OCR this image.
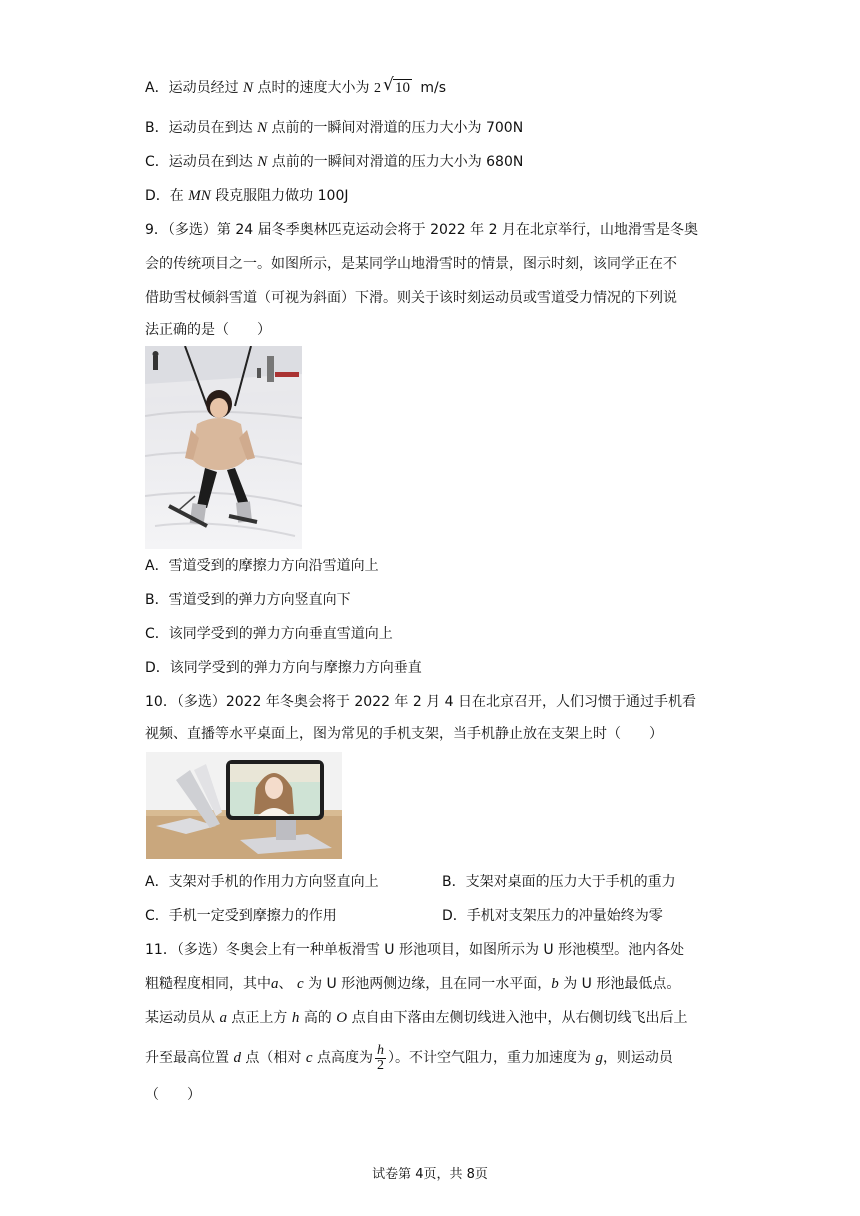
A．运动员经过 N 点时的速度大小为 2 √ 10 m/s
B．运动员在到达 N 点前的一瞬间对滑道的压力大小为 700N
C．运动员在到达 N 点前的一瞬间对滑道的压力大小为 680N
D．在 MN 段克服阻力做功 100J
9．（多选）第 24 届冬季奥林匹克运动会将于 2022 年 2 月在北京举行，山地滑雪是冬奥
会的传统项目之一。如图所示，是某同学山地滑雪时的情景，图示时刻，该同学正在不
借助雪杖倾斜雪道（可视为斜面）下滑。则关于该时刻运动员或雪道受力情况的下列说
法正确的是（　　）
A．雪道受到的摩擦力方向沿雪道向上
B．雪道受到的弹力方向竖直向下
C．该同学受到的弹力方向垂直雪道向上
D．该同学受到的弹力方向与摩擦力方向垂直
10．（多选）2022 年冬奥会将于 2022 年 2 月 4 日在北京召开，人们习惯于通过手机看
视频、直播等水平桌面上，图为常见的手机支架，当手机静止放在支架上时（　　）
A．支架对手机的作用力方向竖直向上	B．支架对桌面的压力大于手机的重力
C．手机一定受到摩擦力的作用	D．手机对支架压力的冲量始终为零
11．（多选）冬奥会上有一种单板滑雪 U 形池项目，如图所示为 U 形池模型。池内各处
粗糙程度相同，其中a、 c 为 U 形池两侧边缘，且在同一水平面，b 为 U 形池最低点。
某运动员从 a 点正上方 h 高的 O 点自由下落由左侧切线进入池中，从右侧切线飞出后上
升至最高位置 d 点（相对 c 点高度为 $\frac{h}{2}$ ）。不计空气阻力，重力加速度为 g，则运动员
（　　）
试卷第 4页，共 8页
